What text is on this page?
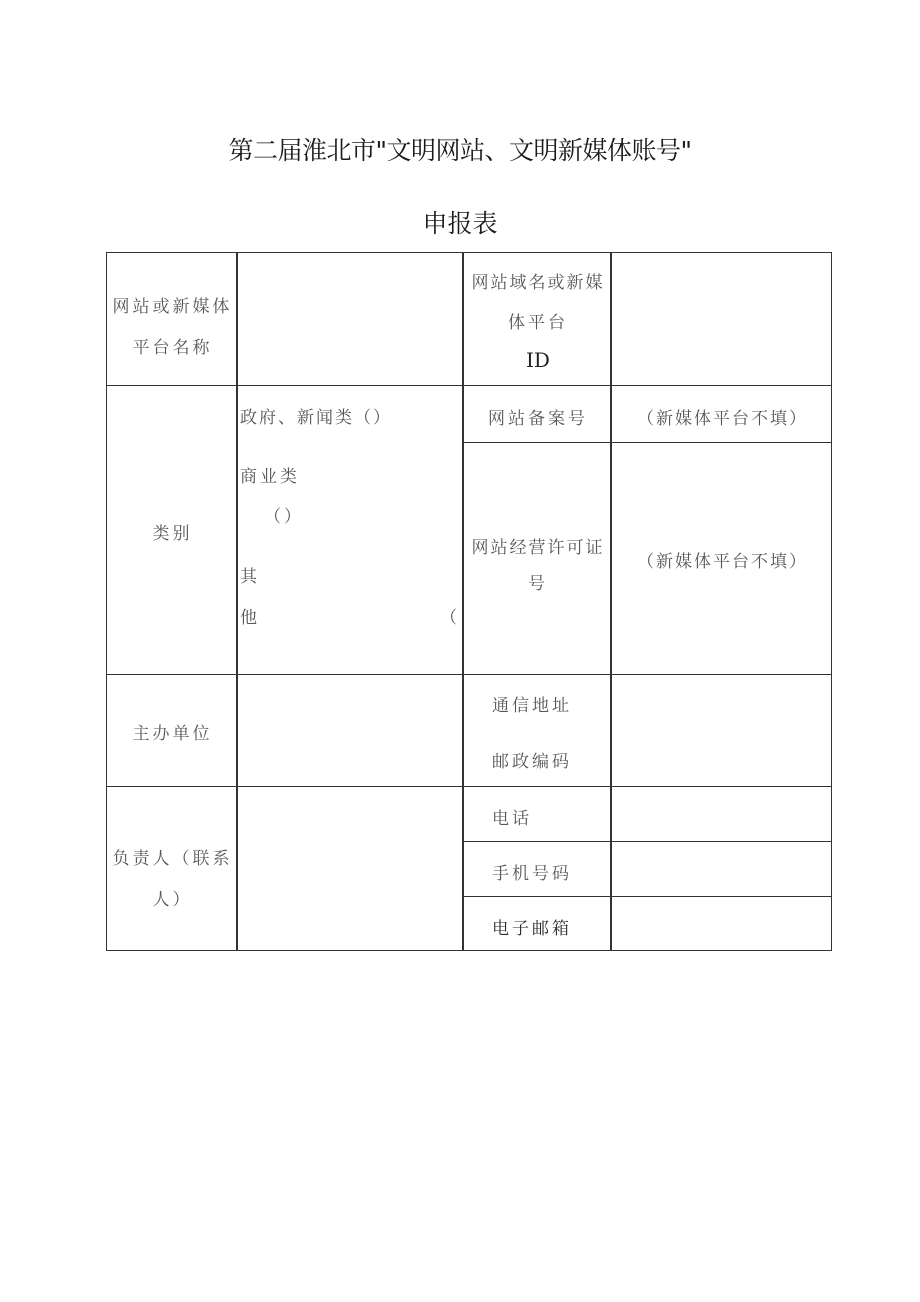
第二届淮北市"文明网站、文明新媒体账号"
申报表
网站或新媒体
平台名称
网站域名或新媒
体平台
ID
类别
政府、新闻类（）
商业类
（）
其
他	（
网站备案号	（新媒体平台不填）
网站经营许可证
号
（新媒体平台不填）
主办单位
通信地址
邮政编码
负责人（联系
人）
电话
手机号码
电子邮箱
